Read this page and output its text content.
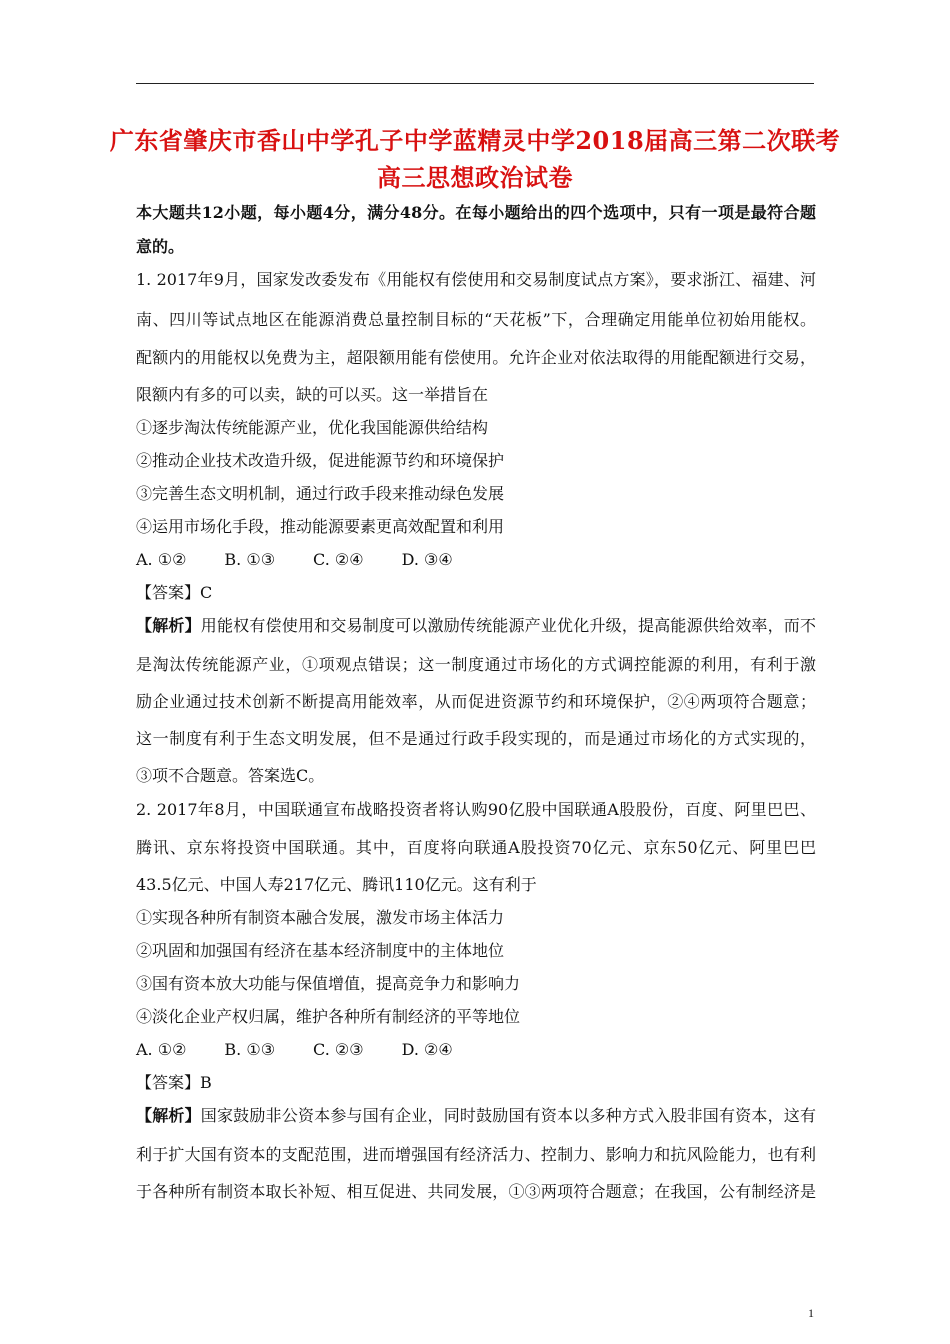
广东省肇庆市香山中学孔子中学蓝精灵中学2018届高三第二次联考
高三思想政治试卷
本大题共12小题，每小题4分，满分48分。在每小题给出的四个选项中，只有一项是最符合题
意的。
1. 2017年9月，国家发改委发布《用能权有偿使用和交易制度试点方案》，要求浙江、福建、河
南、四川等试点地区在能源消费总量控制目标的“天花板”下，合理确定用能单位初始用能权。
配额内的用能权以免费为主，超限额用能有偿使用。允许企业对依法取得的用能配额进行交易，
限额内有多的可以卖，缺的可以买。这一举措旨在
①逐步淘汰传统能源产业，优化我国能源供给结构
②推动企业技术改造升级，促进能源节约和环境保护
③完善生态文明机制，通过行政手段来推动绿色发展
④运用市场化手段，推动能源要素更高效配置和利用
A. ①② B. ①③ C. ②④ D. ③④
【答案】C
【解析】用能权有偿使用和交易制度可以激励传统能源产业优化升级，提高能源供给效率，而不
是淘汰传统能源产业，①项观点错误；这一制度通过市场化的方式调控能源的利用，有利于激
励企业通过技术创新不断提高用能效率，从而促进资源节约和环境保护，②④两项符合题意；
这一制度有利于生态文明发展，但不是通过行政手段实现的，而是通过市场化的方式实现的，
③项不合题意。答案选C。
2. 2017年8月，中国联通宣布战略投资者将认购90亿股中国联通A股股份，百度、阿里巴巴、
腾讯、京东将投资中国联通。其中，百度将向联通A股投资70亿元、京东50亿元、阿里巴巴
43.5亿元、中国人寿217亿元、腾讯110亿元。这有利于
①实现各种所有制资本融合发展，激发市场主体活力
②巩固和加强国有经济在基本经济制度中的主体地位
③国有资本放大功能与保值增值，提高竞争力和影响力
④淡化企业产权归属，维护各种所有制经济的平等地位
A. ①② B. ①③ C. ②③ D. ②④
【答案】B
【解析】国家鼓励非公资本参与国有企业，同时鼓励国有资本以多种方式入股非国有资本，这有
利于扩大国有资本的支配范围，进而增强国有经济活力、控制力、影响力和抗风险能力，也有利
于各种所有制资本取长补短、相互促进、共同发展，①③两项符合题意；在我国，公有制经济是
1
